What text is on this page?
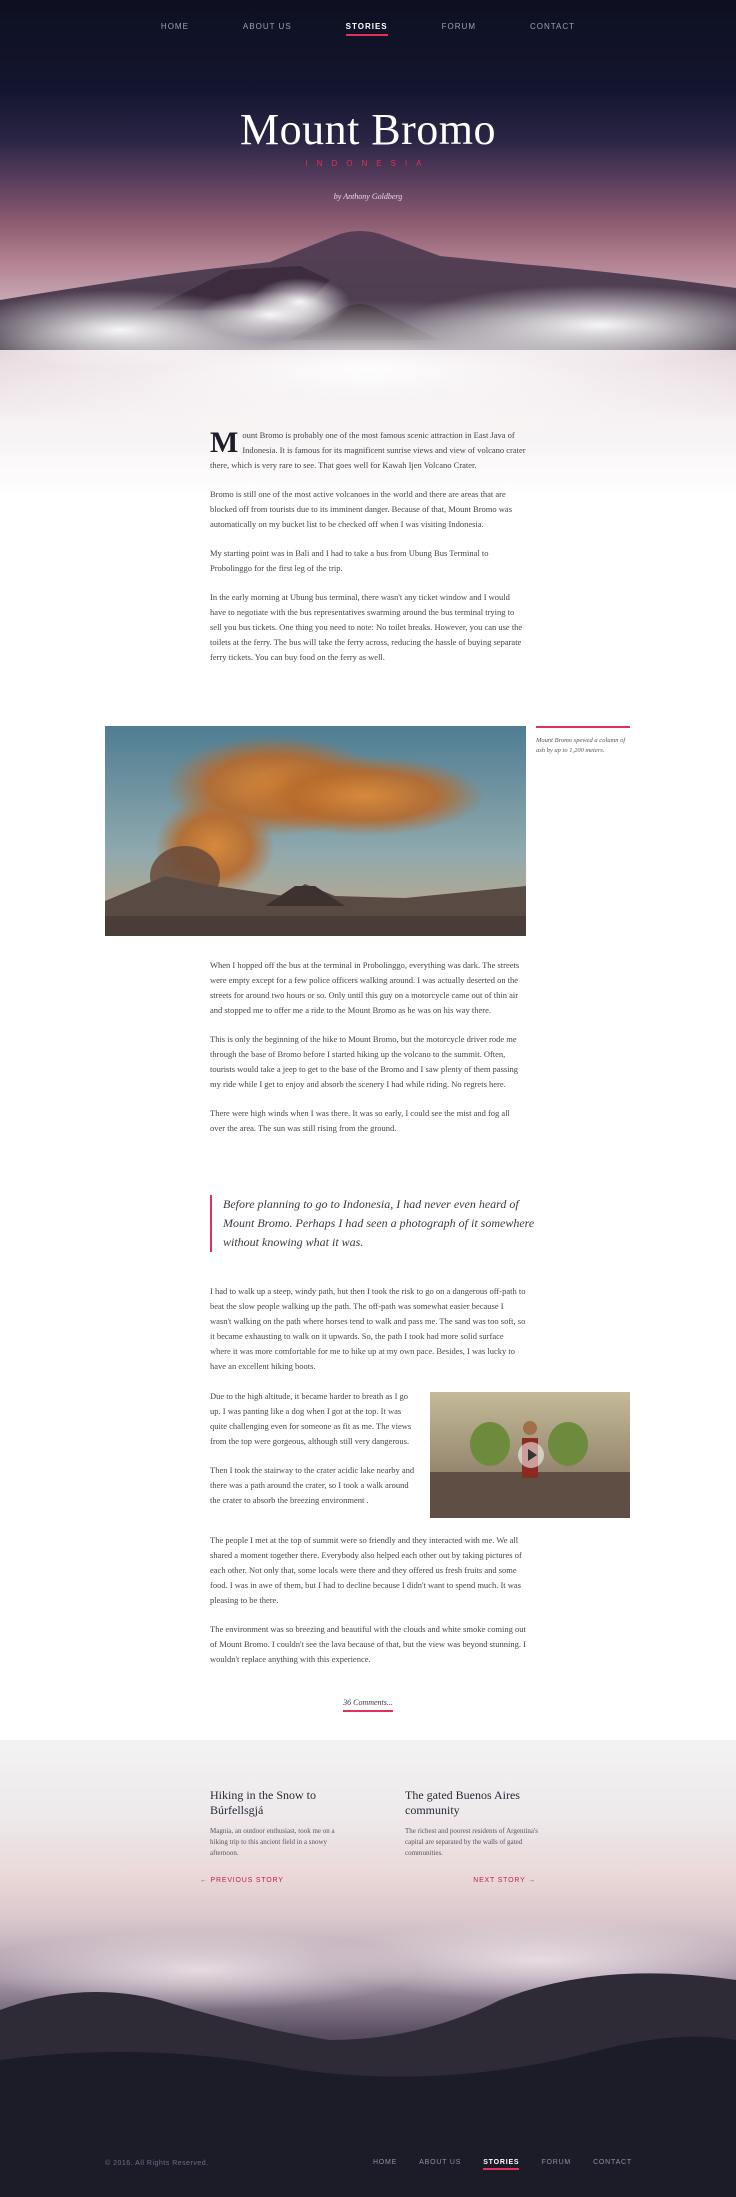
HOME	ABOUT US	STORIES	FORUM	CONTACT
Mount Bromo
INDONESIA
by Anthony Goldberg

Mount Bromo is probably one of the most famous scenic attraction in East Java of Indonesia. It is famous for its magnificent sunrise views and view of volcano crater there, which is very rare to see. That goes well for Kawah Ijen Volcano Crater.

Bromo is still one of the most active volcanoes in the world and there are areas that are blocked off from tourists due to its imminent danger. Because of that, Mount Bromo was automatically on my bucket list to be checked off when I was visiting Indonesia.

My starting point was in Bali and I had to take a bus from Ubung Bus Terminal to Probolinggo for the first leg of the trip.

In the early morning at Ubung bus terminal, there wasn't any ticket window and I would have to negotiate with the bus representatives swarming around the bus terminal trying to sell you bus tickets. One thing you need to note: No toilet breaks. However, you can use the toilets at the ferry. The bus will take the ferry across, reducing the hassle of buying separate ferry tickets. You can buy food on the ferry as well.

Mount Bromo spewed a column of ash by up to 1,200 meters.

When I hopped off the bus at the terminal in Probolinggo, everything was dark. The streets were empty except for a few police officers walking around. I was actually deserted on the streets for around two hours or so. Only until this guy on a motorcycle came out of thin air and stopped me to offer me a ride to the Mount Bromo as he was on his way there.

This is only the beginning of the hike to Mount Bromo, but the motorcycle driver rode me through the base of Bromo before I started hiking up the volcano to the summit. Often, tourists would take a jeep to get to the base of the Bromo and I saw plenty of them passing my ride while I get to enjoy and absorb the scenery I had while riding. No regrets here.

There were high winds when I was there. It was so early, I could see the mist and fog all over the area. The sun was still rising from the ground.

Before planning to go to Indonesia, I had never even heard of Mount Bromo. Perhaps I had seen a photograph of it somewhere without knowing what it was.

I had to walk up a steep, windy path, but then I took the risk to go on a dangerous off-path to beat the slow people walking up the path. The off-path was somewhat easier because I wasn't walking on the path where horses tend to walk and pass me. The sand was too soft, so it became exhausting to walk on it upwards. So, the path I took had more solid surface where it was more comfortable for me to hike up at my own pace. Besides, I was lucky to have an excellent hiking boots.

Due to the high altitude, it became harder to breath as I go up. I was panting like a dog when I got at the top. It was quite challenging even for someone as fit as me. The views from the top were gorgeous, although still very dangerous.

Then I took the stairway to the crater acidic lake nearby and there was a path around the crater, so I took a walk around the crater to absorb the breezing environment .

The people I met at the top of summit were so friendly and they interacted with me. We all shared a moment together there. Everybody also helped each other out by taking pictures of each other. Not only that, some locals were there and they offered us fresh fruits and some food. I was in awe of them, but I had to decline because I didn't want to spend much. It was pleasing to be there.

The environment was so breezing and beautiful with the clouds and white smoke coming out of Mount Bromo. I couldn't see the lava because of that, but the view was beyond stunning. I wouldn't replace anything with this experience.

36 Comments...
Hiking in the Snow to Búrfellsgjá

Magnia, an outdoor enthusiast, took me on a hiking trip to this ancient field in a snowy afternoon.

The gated Buenos Aires community

The richest and poorest residents of Argentina's capital are separated by the walls of gated communities.

← PREVIOUS STORY	NEXT STORY →
© 2016. All Rights Reserved.	HOME	ABOUT US	STORIES	FORUM	CONTACT
